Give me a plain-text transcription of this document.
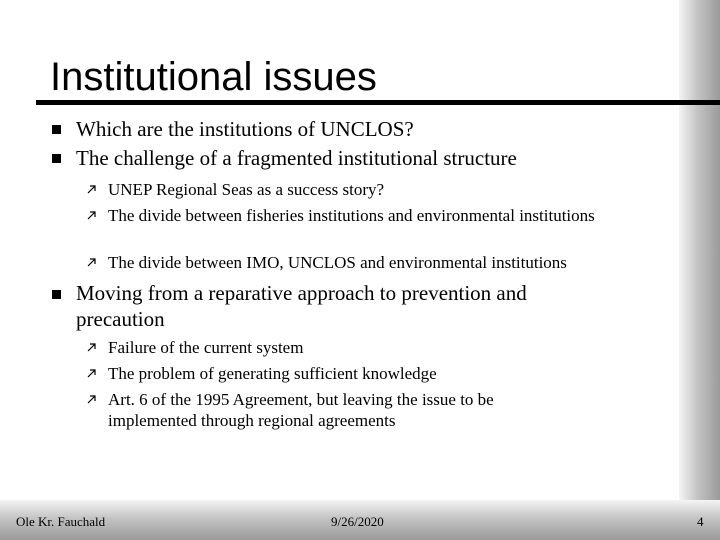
Institutional issues
Which are the institutions of UNCLOS?
The challenge of a fragmented institutional structure
UNEP Regional Seas as a success story?
The divide between fisheries institutions and environmental institutions
The divide between IMO, UNCLOS and environmental institutions
Moving from a reparative approach to prevention and precaution
Failure of the current system
The problem of generating sufficient knowledge
Art. 6 of the 1995 Agreement, but leaving the issue to be implemented through regional agreements
Ole Kr. Fauchald	9/26/2020	4
